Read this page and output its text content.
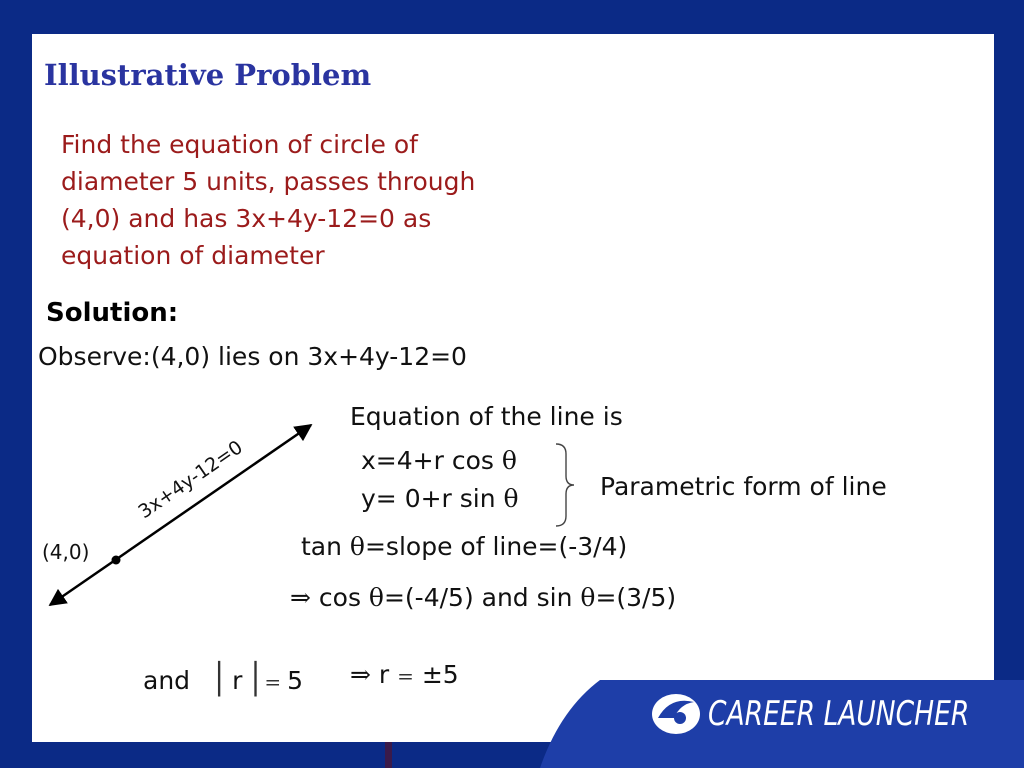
Illustrative Problem
Find the equation of circle of
diameter 5 units, passes through
(4,0) and has 3x+4y-12=0 as
equation of diameter
Solution:
Observe:(4,0) lies on 3x+4y-12=0
3x+4y-12=0
(4,0)
Equation of the line is
x=4+r cos θ
y= 0+r sin θ	Parametric form of line
tan θ=slope of line=(-3/4)
⇒ cos θ=(-4/5) and sin θ=(3/5)
and │ r │= 5 ⇒ r = ±5
CAREER LAUNCHER
